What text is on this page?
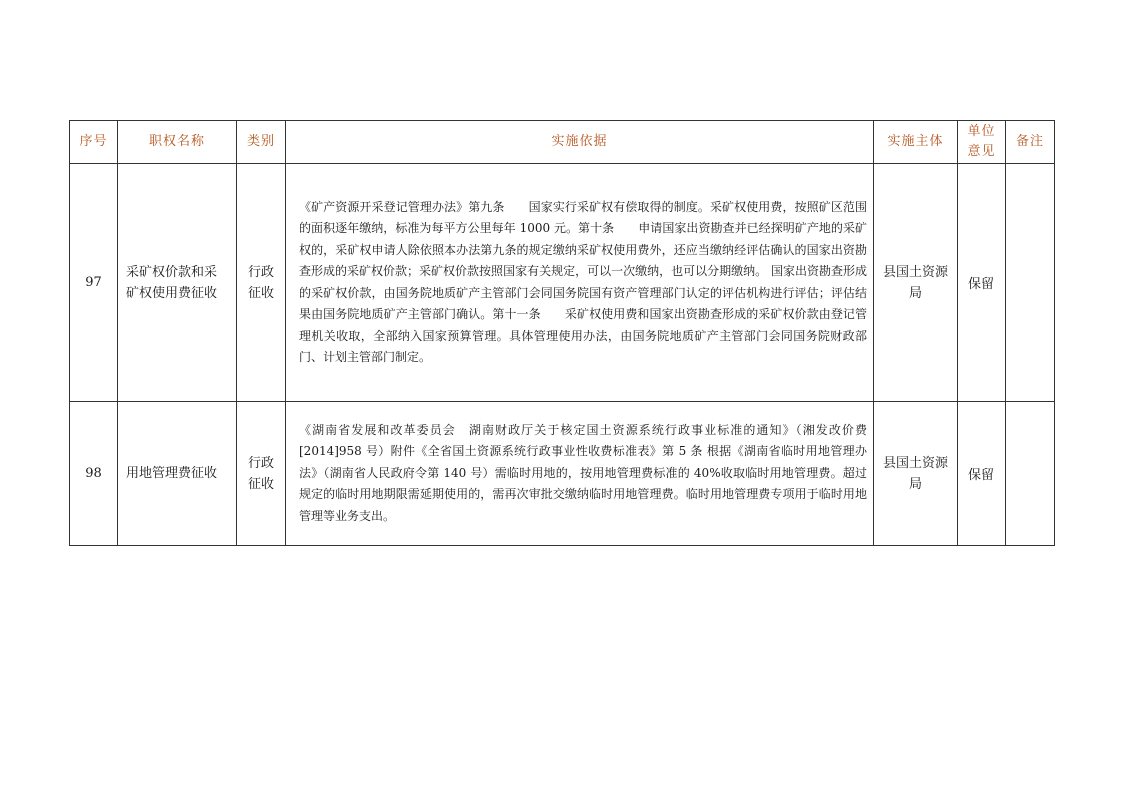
序号	职权名称	类别	实施依据	实施主体	单位意见	备注
97	采矿权价款和采矿权使用费征收	行政征收	《矿产资源开采登记管理办法》第九条　　国家实行采矿权有偿取得的制度。采矿权使用费，按照矿区范围的面积逐年缴纳，标准为每平方公里每年 1000 元。第十条　　申请国家出资勘查并已经探明矿产地的采矿权的，采矿权申请人除依照本办法第九条的规定缴纳采矿权使用费外，还应当缴纳经评估确认的国家出资勘查形成的采矿权价款；采矿权价款按照国家有关规定，可以一次缴纳，也可以分期缴纳。 国家出资勘查形成的采矿权价款，由国务院地质矿产主管部门会同国务院国有资产管理部门认定的评估机构进行评估；评估结果由国务院地质矿产主管部门确认。第十一条　　采矿权使用费和国家出资勘查形成的采矿权价款由登记管理机关收取，全部纳入国家预算管理。具体管理使用办法，由国务院地质矿产主管部门会同国务院财政部门、计划主管部门制定。	县国土资源局	保留	
98	用地管理费征收	行政征收	《湖南省发展和改革委员会　湖南财政厅关于核定国土资源系统行政事业标准的通知》（湘发改价费[2014]958 号）附件《全省国土资源系统行政事业性收费标准表》第 5 条 根据《湖南省临时用地管理办法》（湖南省人民政府令第 140 号）需临时用地的，按用地管理费标准的 40%收取临时用地管理费。超过规定的临时用地期限需延期使用的，需再次审批交缴纳临时用地管理费。临时用地管理费专项用于临时用地管理等业务支出。	县国土资源局	保留	
